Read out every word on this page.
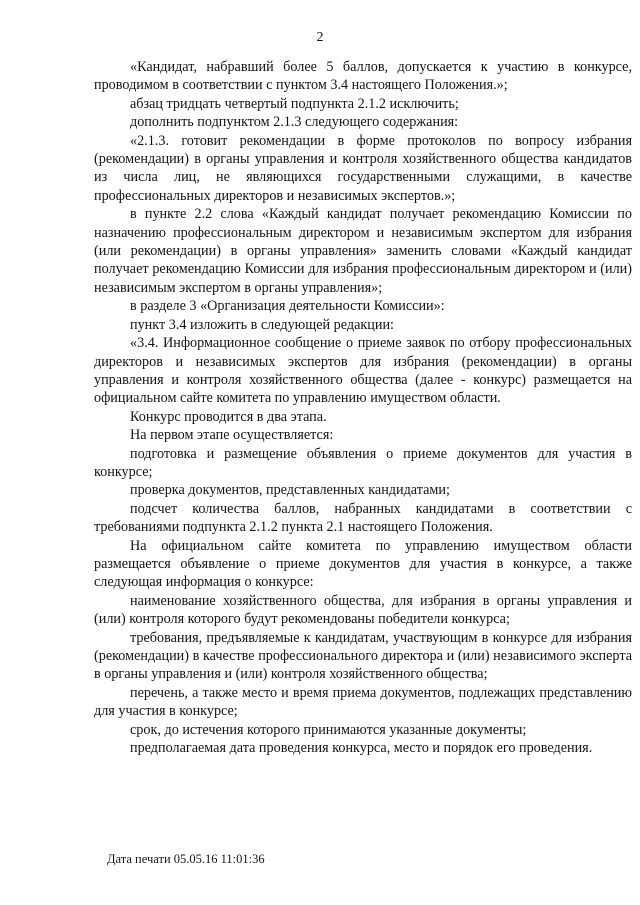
2

«Кандидат, набравший более 5 баллов, допускается к участию в конкурсе, проводимом в соответствии с пунктом 3.4 настоящего Положения.»;

абзац тридцать четвертый подпункта 2.1.2 исключить;

дополнить подпунктом 2.1.3 следующего содержания:

«2.1.3. готовит рекомендации в форме протоколов по вопросу избрания (рекомендации) в органы управления и контроля хозяйственного общества кандидатов из числа лиц, не являющихся государственными служащими, в качестве профессиональных директоров и независимых экспертов.»;

в пункте 2.2 слова «Каждый кандидат получает рекомендацию Комиссии по назначению профессиональным директором и независимым экспертом для избрания (или рекомендации) в органы управления» заменить словами «Каждый кандидат получает рекомендацию Комиссии для избрания профессиональным директором и (или) независимым экспертом в органы управления»;

в разделе 3 «Организация деятельности Комиссии»:

пункт 3.4 изложить в следующей редакции:

«3.4. Информационное сообщение о приеме заявок по отбору профессиональных директоров и независимых экспертов для избрания (рекомендации) в органы управления и контроля хозяйственного общества (далее - конкурс) размещается на официальном сайте комитета по управлению имуществом области.

Конкурс проводится в два этапа.

На первом этапе осуществляется:

подготовка и размещение объявления о приеме документов для участия в конкурсе;

проверка документов, представленных кандидатами;

подсчет количества баллов, набранных кандидатами в соответствии с требованиями подпункта 2.1.2 пункта 2.1 настоящего Положения.

На официальном сайте комитета по управлению имуществом области размещается объявление о приеме документов для участия в конкурсе, а также следующая информация о конкурсе:

наименование хозяйственного общества, для избрания в органы управления и (или) контроля которого будут рекомендованы победители конкурса;

требования, предъявляемые к кандидатам, участвующим в конкурсе для избрания (рекомендации) в качестве профессионального директора и (или) независимого эксперта в органы управления и (или) контроля хозяйственного общества;

перечень, а также место и время приема документов, подлежащих представлению для участия в конкурсе;

срок, до истечения которого принимаются указанные документы;

предполагаемая дата проведения конкурса, место и порядок его проведения.

Дата печати 05.05.16 11:01:36
